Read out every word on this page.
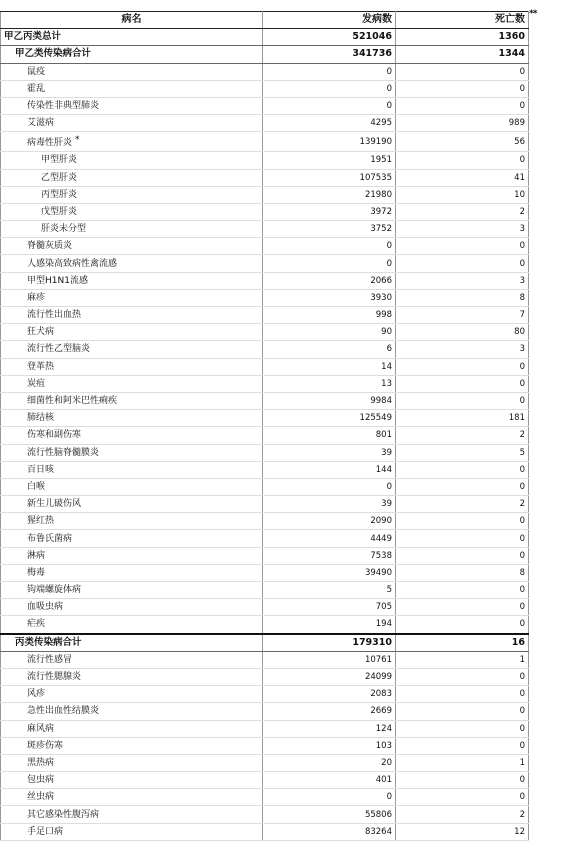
病名	发病数	死亡数
甲乙丙类总计	521046	1360
甲乙类传染病合计	341736	1344
鼠疫	0	0
霍乱	0	0
传染性非典型肺炎	0	0
艾滋病	4295	989
病毒性肝炎 *	139190	56
甲型肝炎	1951	0
乙型肝炎	107535	41
丙型肝炎	21980	10
戊型肝炎	3972	2
肝炎未分型	3752	3
脊髓灰质炎	0	0
人感染高致病性禽流感	0	0
甲型H1N1流感	2066	3
麻疹	3930	8
流行性出血热	998	7
狂犬病	90	80
流行性乙型脑炎	6	3
登革热	14	0
炭疽	13	0
细菌性和阿米巴性痢疾	9984	0
肺结核	125549	181
伤寒和副伤寒	801	2
流行性脑脊髓膜炎	39	5
百日咳	144	0
白喉	0	0
新生儿破伤风	39	2
猩红热	2090	0
布鲁氏菌病	4449	0
淋病	7538	0
梅毒	39490	8
钩端螺旋体病	5	0
血吸虫病	705	0
疟疾	194	0
丙类传染病合计	179310	16
流行性感冒	10761	1
流行性腮腺炎	24099	0
风疹	2083	0
急性出血性结膜炎	2669	0
麻风病	124	0
斑疹伤寒	103	0
黑热病	20	1
包虫病	401	0
丝虫病	0	0
其它感染性腹泻病	55806	2
手足口病	83264	12
**
